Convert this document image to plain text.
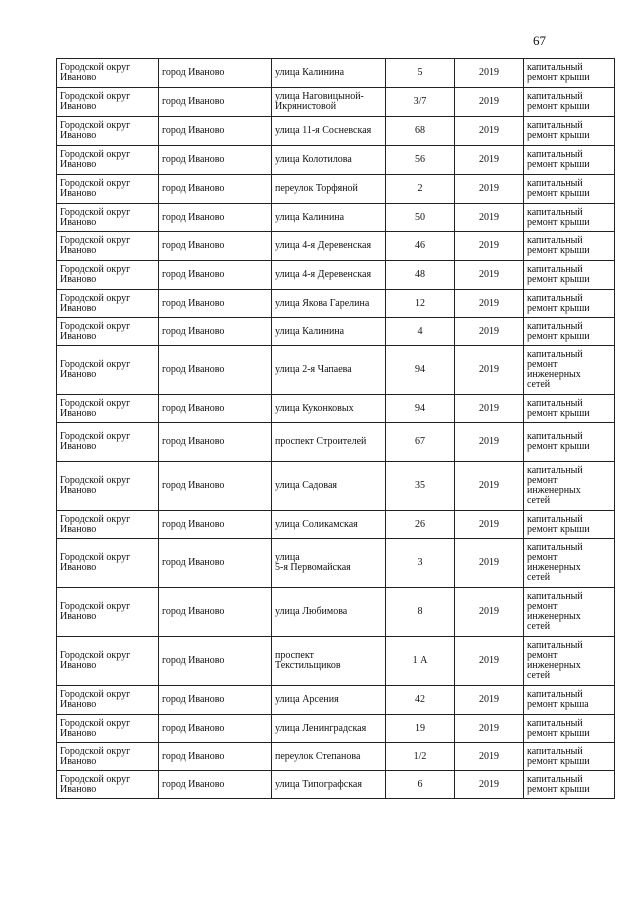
67
Городской округ
Иваново	город Иваново	улица Калинина	5	2019	капитальный
ремонт крыши

Городской округ
Иваново	город Иваново	улица Наговицыной-
Икрянистовой	3/7	2019	капитальный
ремонт крыши

Городской округ
Иваново	город Иваново	улица 11-я Сосневская	68	2019	капитальный
ремонт крыши

Городской округ
Иваново	город Иваново	улица Колотилова	56	2019	капитальный
ремонт крыши

Городской округ
Иваново	город Иваново	переулок Торфяной	2	2019	капитальный
ремонт крыши

Городской округ
Иваново	город Иваново	улица Калинина	50	2019	капитальный
ремонт крыши

Городской округ
Иваново	город Иваново	улица 4-я Деревенская	46	2019	капитальный
ремонт крыши

Городской округ
Иваново	город Иваново	улица 4-я Деревенская	48	2019	капитальный
ремонт крыши

Городской округ
Иваново	город Иваново	улица Якова Гарелина	12	2019	капитальный
ремонт крыши

Городской округ
Иваново	город Иваново	улица Калинина	4	2019	капитальный
ремонт крыши

Городской округ
Иваново	город Иваново	улица 2-я Чапаева	94	2019	капитальный
ремонт
инженерных
сетей

Городской округ
Иваново	город Иваново	улица Куконковых	94	2019	капитальный
ремонт крыши

Городской округ
Иваново	город Иваново	проспект Строителей	67	2019	капитальный
ремонт крыши

Городской округ
Иваново	город Иваново	улица Садовая	35	2019	капитальный
ремонт
инженерных
сетей

Городской округ
Иваново	город Иваново	улица Соликамская	26	2019	капитальный
ремонт крыши

Городской округ
Иваново	город Иваново	улица
5-я Первомайская	3	2019	капитальный
ремонт
инженерных
сетей

Городской округ
Иваново	город Иваново	улица Любимова	8	2019	капитальный
ремонт
инженерных
сетей

Городской округ
Иваново	город Иваново	проспект
Текстильщиков	1 А	2019	капитальный
ремонт
инженерных
сетей

Городской округ
Иваново	город Иваново	улица Арсения	42	2019	капитальный
ремонт крыша

Городской округ
Иваново	город Иваново	улица Ленинградская	19	2019	капитальный
ремонт крыши

Городской округ
Иваново	город Иваново	переулок Степанова	1/2	2019	капитальный
ремонт крыши

Городской округ
Иваново	город Иваново	улица Типографская	6	2019	капитальный
ремонт крыши
